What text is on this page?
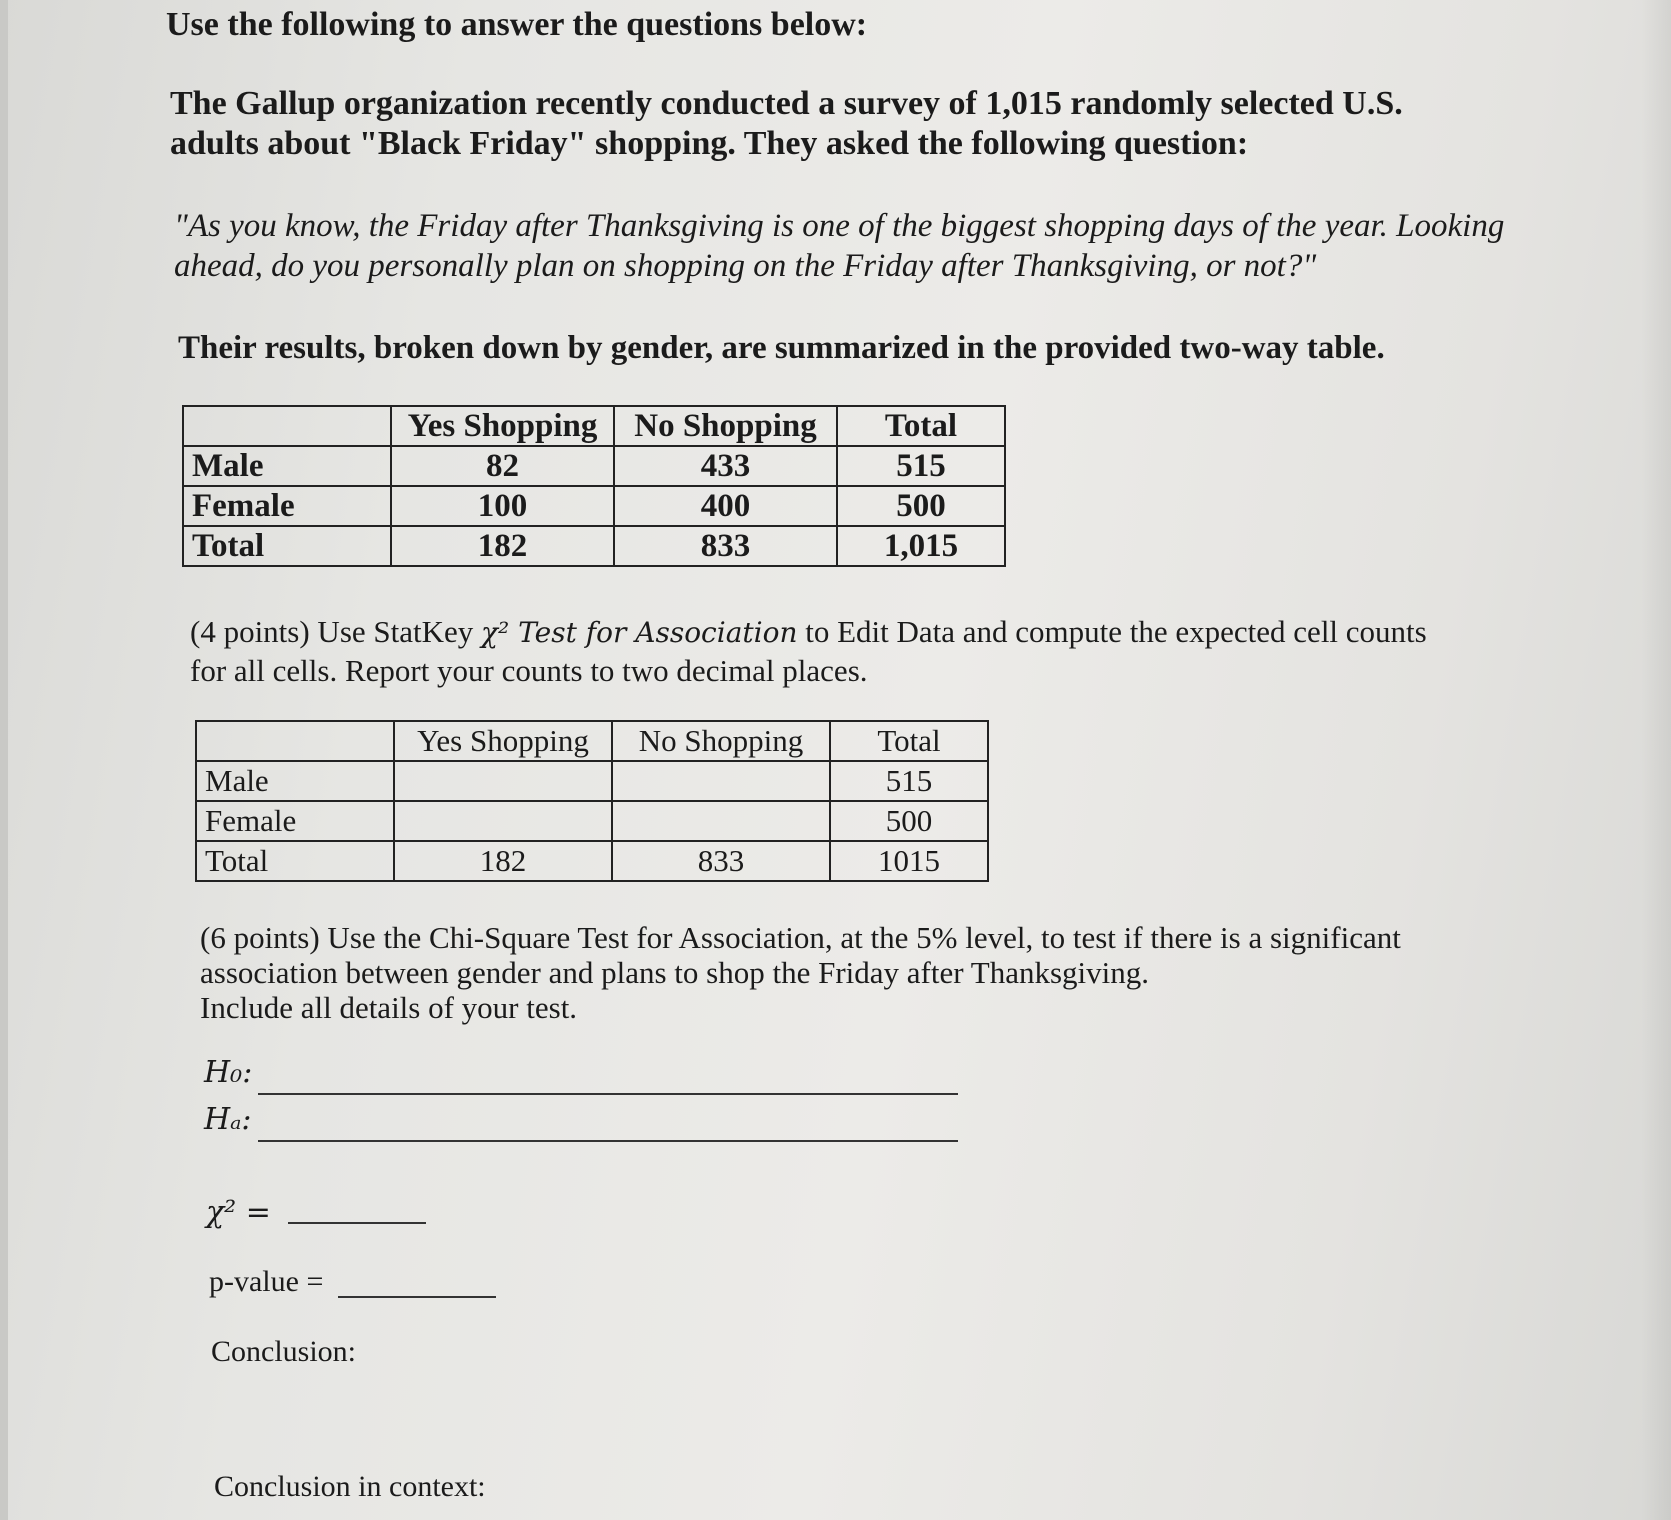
Use the following to answer the questions below:
The Gallup organization recently conducted a survey of 1,015 randomly selected U.S. adults about "Black Friday" shopping. They asked the following question:
"As you know, the Friday after Thanksgiving is one of the biggest shopping days of the year. Looking ahead, do you personally plan on shopping on the Friday after Thanksgiving, or not?"
Their results, broken down by gender, are summarized in the provided two-way table.
	Yes Shopping	No Shopping	Total
Male	82	433	515
Female	100	400	500
Total	182	833	1,015
(4 points) Use StatKey χ² Test for Association to Edit Data and compute the expected cell counts for all cells. Report your counts to two decimal places.
	Yes Shopping	No Shopping	Total
Male			515
Female			500
Total	182	833	1015
(6 points) Use the Chi-Square Test for Association, at the 5% level, to test if there is a significant association between gender and plans to shop the Friday after Thanksgiving.
Include all details of your test.
H₀:
Hₐ:
χ² =
p-value =
Conclusion:
Conclusion in context:
